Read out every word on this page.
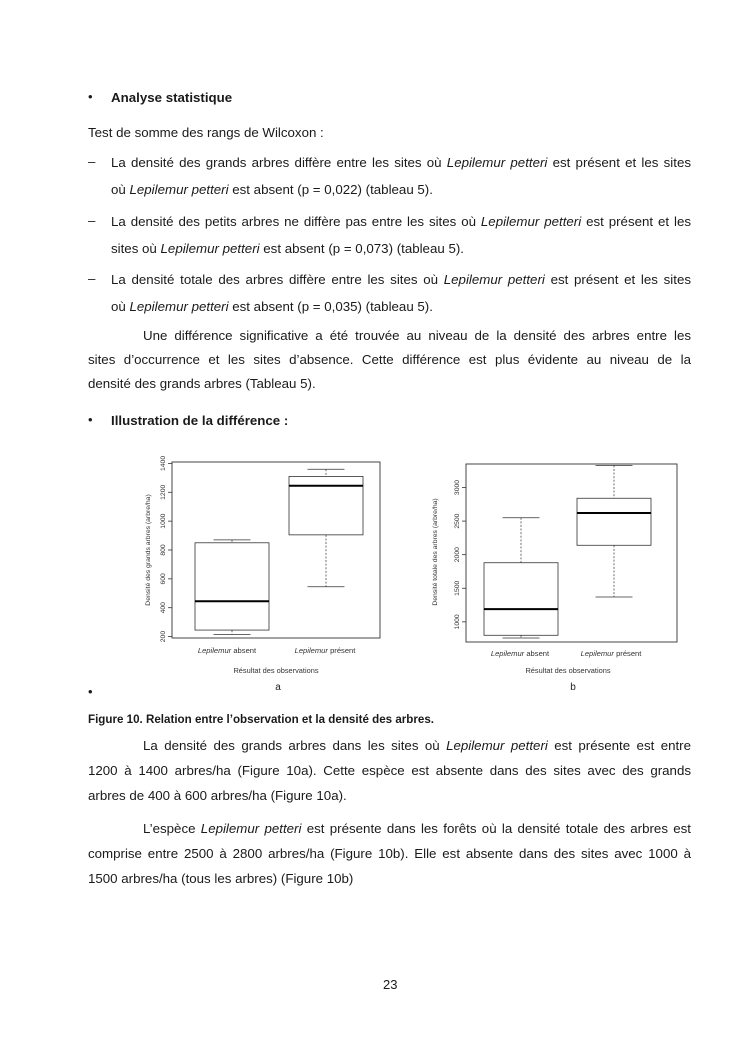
• Analyse statistique
Test de somme des rangs de Wilcoxon :
– La densité des grands arbres diffère entre les sites où Lepilemur petteri est présent et les sites
où Lepilemur petteri est absent (p = 0,022) (tableau 5).
– La densité des petits arbres ne diffère pas entre les sites où Lepilemur petteri est présent et les
sites où Lepilemur petteri est absent (p = 0,073) (tableau 5).
– La densité totale des arbres diffère entre les sites où Lepilemur petteri est présent et les sites
où Lepilemur petteri est absent (p = 0,035) (tableau 5).
Une différence significative a été trouvée au niveau de la densité des arbres entre les
sites d’occurrence et les sites d’absence. Cette différence est plus évidente au niveau de la
densité des grands arbres (Tableau 5).
• Illustration de la différence :
200
400
600
800
1000
1200
1400
Densité des grands arbres (arbre/ha)
Lepilemur absent	Lepilemur présent
Résultat des observations
a
1000
1500
2000
2500
3000
Densité totale des arbres (arbre/ha)
Lepilemur absent	Lepilemur présent
Résultat des observations
b
•
Figure 10. Relation entre l’observation et la densité des arbres.
La densité des grands arbres dans les sites où Lepilemur petteri est présente est entre
1200 à 1400 arbres/ha (Figure 10a). Cette espèce est absente dans des sites avec des grands
arbres de 400 à 600 arbres/ha (Figure 10a).
L’espèce Lepilemur petteri est présente dans les forêts où la densité totale des arbres est
comprise entre 2500 à 2800 arbres/ha (Figure 10b). Elle est absente dans des sites avec 1000 à
1500 arbres/ha (tous les arbres) (Figure 10b)
23
